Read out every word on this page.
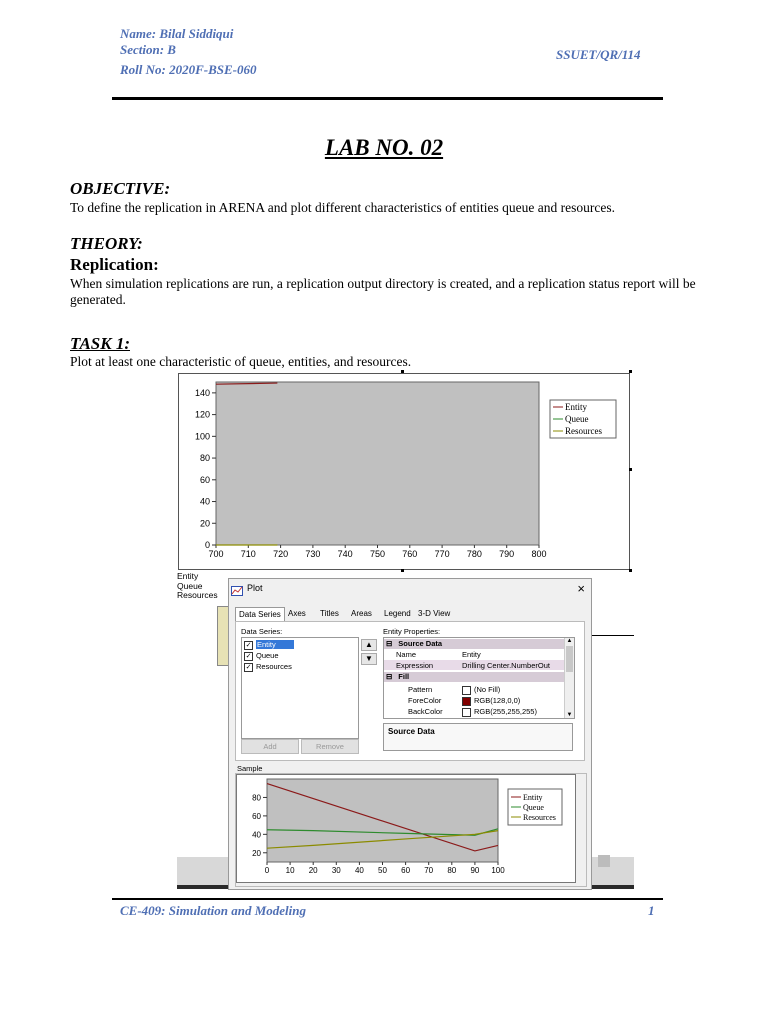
Name: Bilal Siddiqui
Section: B
Roll No: 2020F-BSE-060
SSUET/QR/114
LAB NO. 02
OBJECTIVE:
To define the replication in ARENA and plot different characteristics of entities queue and resources.
THEORY:
Replication:
When simulation replications are run, a replication output directory is created, and a replication status report will be
generated.
TASK 1:
Plot at least one characteristic of queue, entities, and resources.
0
20
40
60
80
100
120
140
700 710 720 730 740 750 760 770 780 790 800
Entity
Queue
Resources
Entity
Queue
Resources
Plot	×
Data Series Axes	Titles	Areas	Legend 3-D View
Data Series:
✓ Entity
✓ Queue
✓ Resources
▲
▼
Add	Remove
Entity Properties:
⊟ Source Data
Name	Entity
Expression	Drilling Center.NumberOut
⊟ Fill
Pattern	(No Fill)
ForeColor	RGB(128,0,0)
BackColor	RGB(255,255,255)
▲
▼
Source Data
Sample
20
40
60
80
0 10 20 30 40 50 60 70 80 90 100
Entity
Queue
Resources
CE-409: Simulation and Modeling	1
